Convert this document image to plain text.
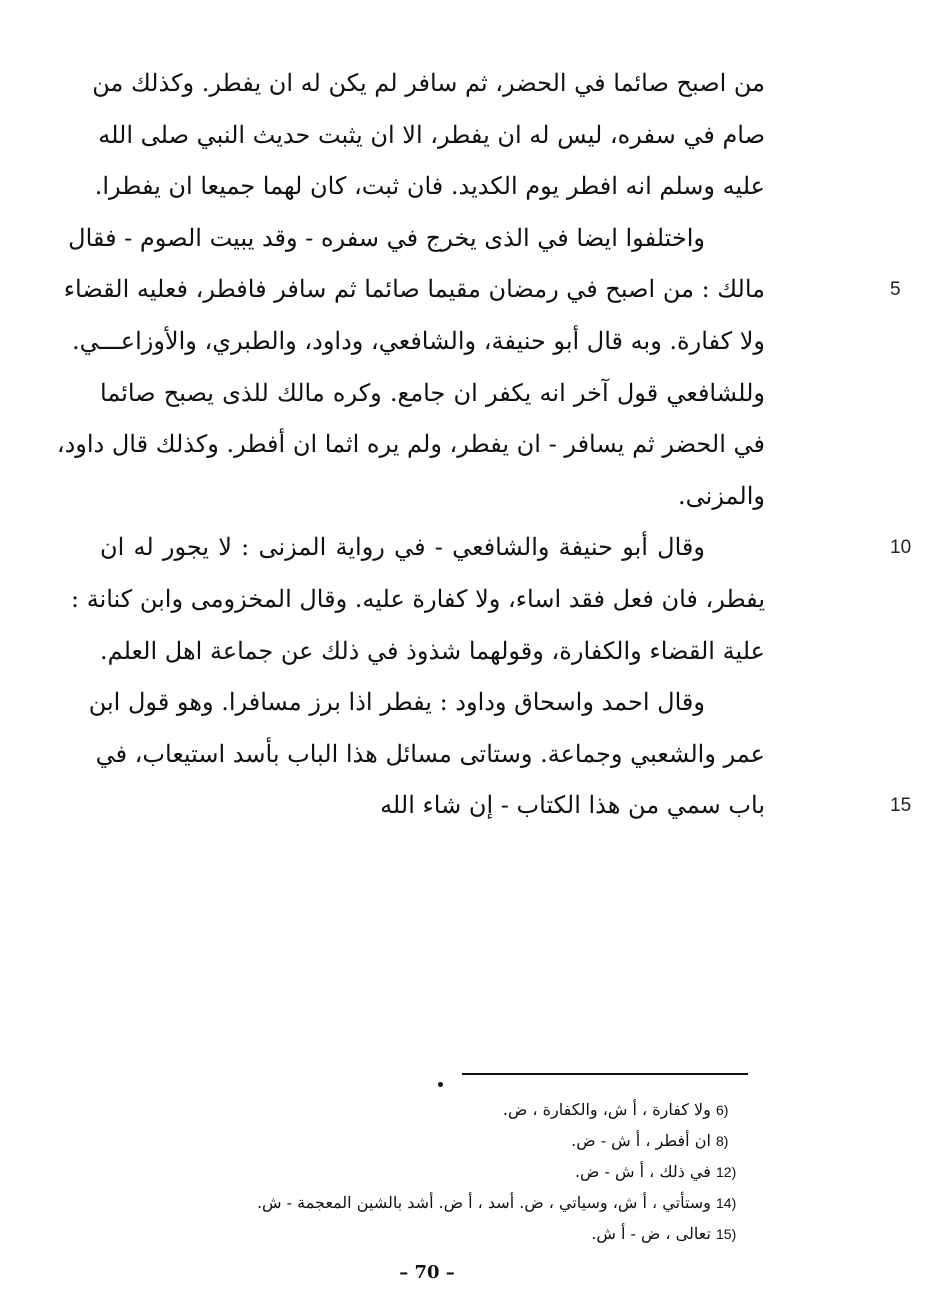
من اصبح صائما في الحضر، ثم سافر لم يكن له ان يفطر. وكذلك من
صام في سفره، ليس له ان يفطر، الا ان يثبت حديث النبي صلى الله
عليه وسلم انه افطر يوم الكديد. فان ثبت، كان لهما جميعا ان يفطرا.
واختلفوا ايضا في الذى يخرج في سفره - وقد يبيت الصوم - فقال
مالك : من اصبح في رمضان مقيما صائما ثم سافر فافطر، فعليه القضاء	5
ولا كفارة. وبه قال أبو حنيفة، والشافعي، وداود، والطبري، والأوزاعـــي.
وللشافعي قول آخر انه يكفر ان جامع. وكره مالك للذى يصبح صائما
في الحضر ثم يسافر - ان يفطر، ولم يره اثما ان أفطر. وكذلك قال داود،
والمزنى.
وقال أبو حنيفة والشافعي - في رواية المزنى : لا يجور له ان	10
يفطر، فان فعل فقد اساء، ولا كفارة عليه. وقال المخزومى وابن كنانة :
علية القضاء والكفارة، وقولهما شذوذ في ذلك عن جماعة اهل العلم.
وقال احمد واسحاق وداود : يفطر اذا برز مسافرا. وهو قول ابن
عمر والشعبي وجماعة. وستاتى مسائل هذا الباب بأسد استيعاب، في
باب سمي من هذا الكتاب - إن شاء الله	15
6) ولا كفارة ، أ ش، والكفارة ، ض.
8) ان أفطر ، أ ش - ض.
12) في ذلك ، أ ش - ض.
14) وستأتي ، أ ش، وسياتي ، ض. أسد ، أ ض. أشد بالشين المعجمة - ش.
15) تعالى ، ض - أ ش.
– 70 –
